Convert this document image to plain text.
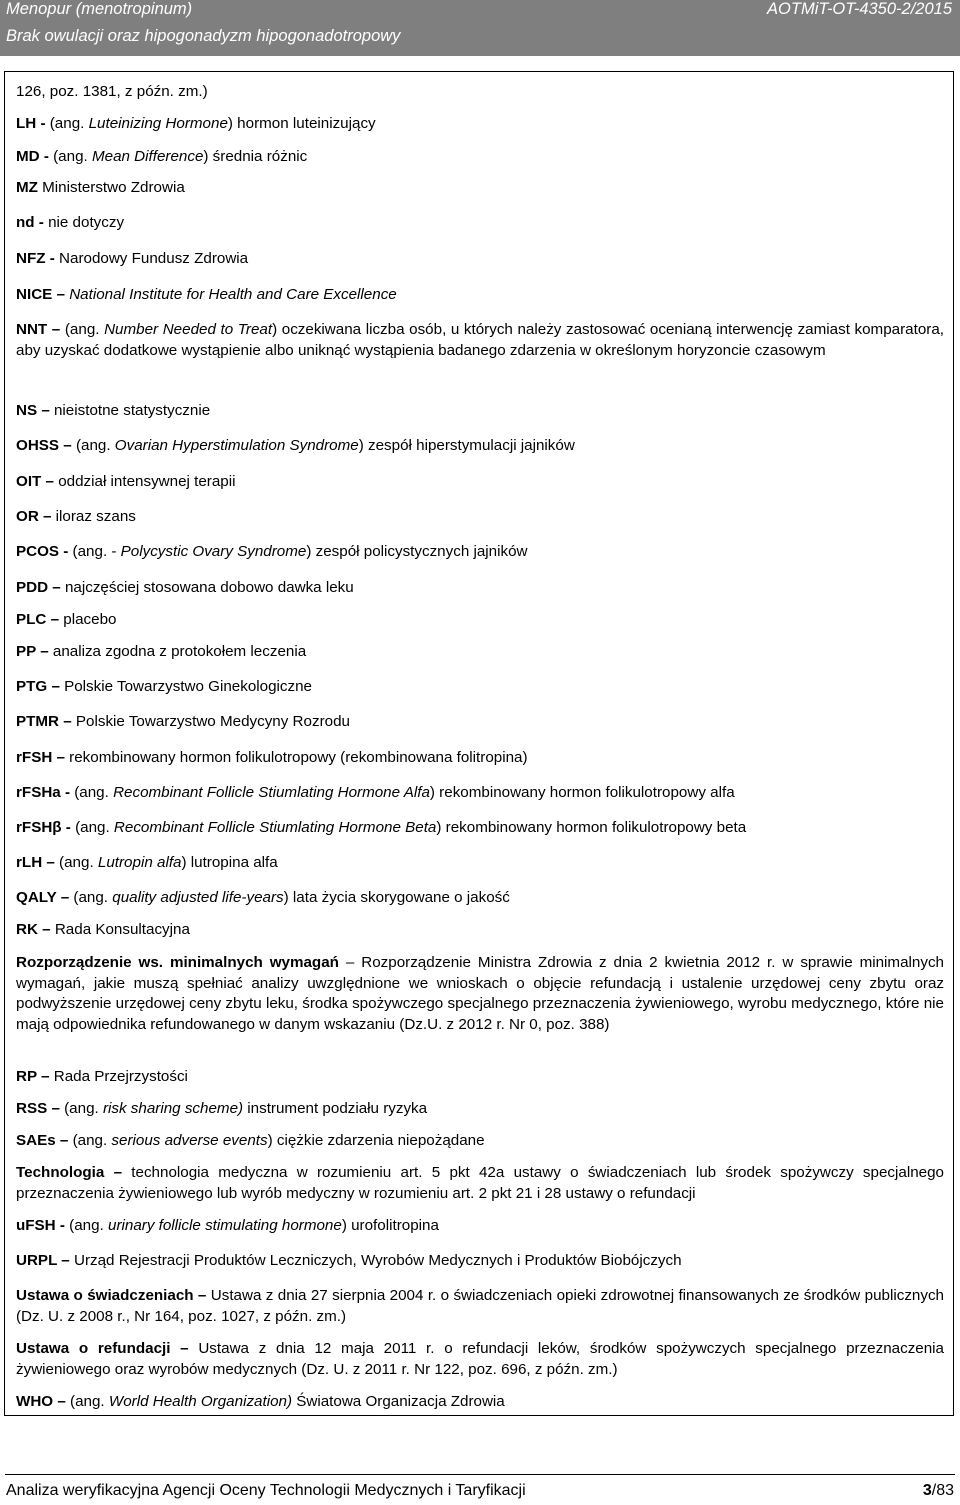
Menopur (menotropinum)
Brak owulacji oraz hipogonadyzm hipogonadotropowy
AOTMiT-OT-4350-2/2015
126, poz. 1381, z późn. zm.)
LH - (ang. Luteinizing Hormone) hormon luteinizujący
MD - (ang. Mean Difference) średnia różnic
MZ Ministerstwo Zdrowia
nd - nie dotyczy
NFZ - Narodowy Fundusz Zdrowia
NICE – National Institute for Health and Care Excellence
NNT – (ang. Number Needed to Treat) oczekiwana liczba osób, u których należy zastosować ocenianą interwencję zamiast komparatora, aby uzyskać dodatkowe wystąpienie albo uniknąć wystąpienia badanego zdarzenia w określonym horyzoncie czasowym
NS – nieistotne statystycznie
OHSS – (ang. Ovarian Hyperstimulation Syndrome) zespół hiperstymulacji jajników
OIT – oddział intensywnej terapii
OR – iloraz szans
PCOS - (ang. - Polycystic Ovary Syndrome) zespół policystycznych jajników
PDD – najczęściej stosowana dobowo dawka leku
PLC – placebo
PP – analiza zgodna z protokołem leczenia
PTG – Polskie Towarzystwo Ginekologiczne
PTMR – Polskie Towarzystwo Medycyny Rozrodu
rFSH – rekombinowany hormon folikulotropowy (rekombinowana folitropina)
rFSHa - (ang. Recombinant Follicle Stiumlating Hormone Alfa) rekombinowany hormon folikulotropowy alfa
rFSHβ - (ang. Recombinant Follicle Stiumlating Hormone Beta) rekombinowany hormon folikulotropowy beta
rLH – (ang. Lutropin alfa) lutropina alfa
QALY – (ang. quality adjusted life-years) lata życia skorygowane o jakość
RK – Rada Konsultacyjna
Rozporządzenie ws. minimalnych wymagań – Rozporządzenie Ministra Zdrowia z dnia 2 kwietnia 2012 r. w sprawie minimalnych wymagań, jakie muszą spełniać analizy uwzględnione we wnioskach o objęcie refundacją i ustalenie urzędowej ceny zbytu oraz podwyższenie urzędowej ceny zbytu leku, środka spożywczego specjalnego przeznaczenia żywieniowego, wyrobu medycznego, które nie mają odpowiednika refundowanego w danym wskazaniu (Dz.U. z 2012 r. Nr 0, poz. 388)
RP – Rada Przejrzystości
RSS – (ang. risk sharing scheme) instrument podziału ryzyka
SAEs – (ang. serious adverse events) ciężkie zdarzenia niepożądane
Technologia – technologia medyczna w rozumieniu art. 5 pkt 42a ustawy o świadczeniach lub środek spożywczy specjalnego przeznaczenia żywieniowego lub wyrób medyczny w rozumieniu art. 2 pkt 21 i 28 ustawy o refundacji
uFSH - (ang. urinary follicle stimulating hormone) urofolitropina
URPL – Urząd Rejestracji Produktów Leczniczych, Wyrobów Medycznych i Produktów Biobójczych
Ustawa o świadczeniach – Ustawa z dnia 27 sierpnia 2004 r. o świadczeniach opieki zdrowotnej finansowanych ze środków publicznych (Dz. U. z 2008 r., Nr 164, poz. 1027, z późn. zm.)
Ustawa o refundacji – Ustawa z dnia 12 maja 2011 r. o refundacji leków, środków spożywczych specjalnego przeznaczenia żywieniowego oraz wyrobów medycznych (Dz. U. z 2011 r. Nr 122, poz. 696, z późn. zm.)
WHO – (ang. World Health Organization) Światowa Organizacja Zdrowia
Analiza weryfikacyjna Agencji Oceny Technologii Medycznych i Taryfikacji	3/83
